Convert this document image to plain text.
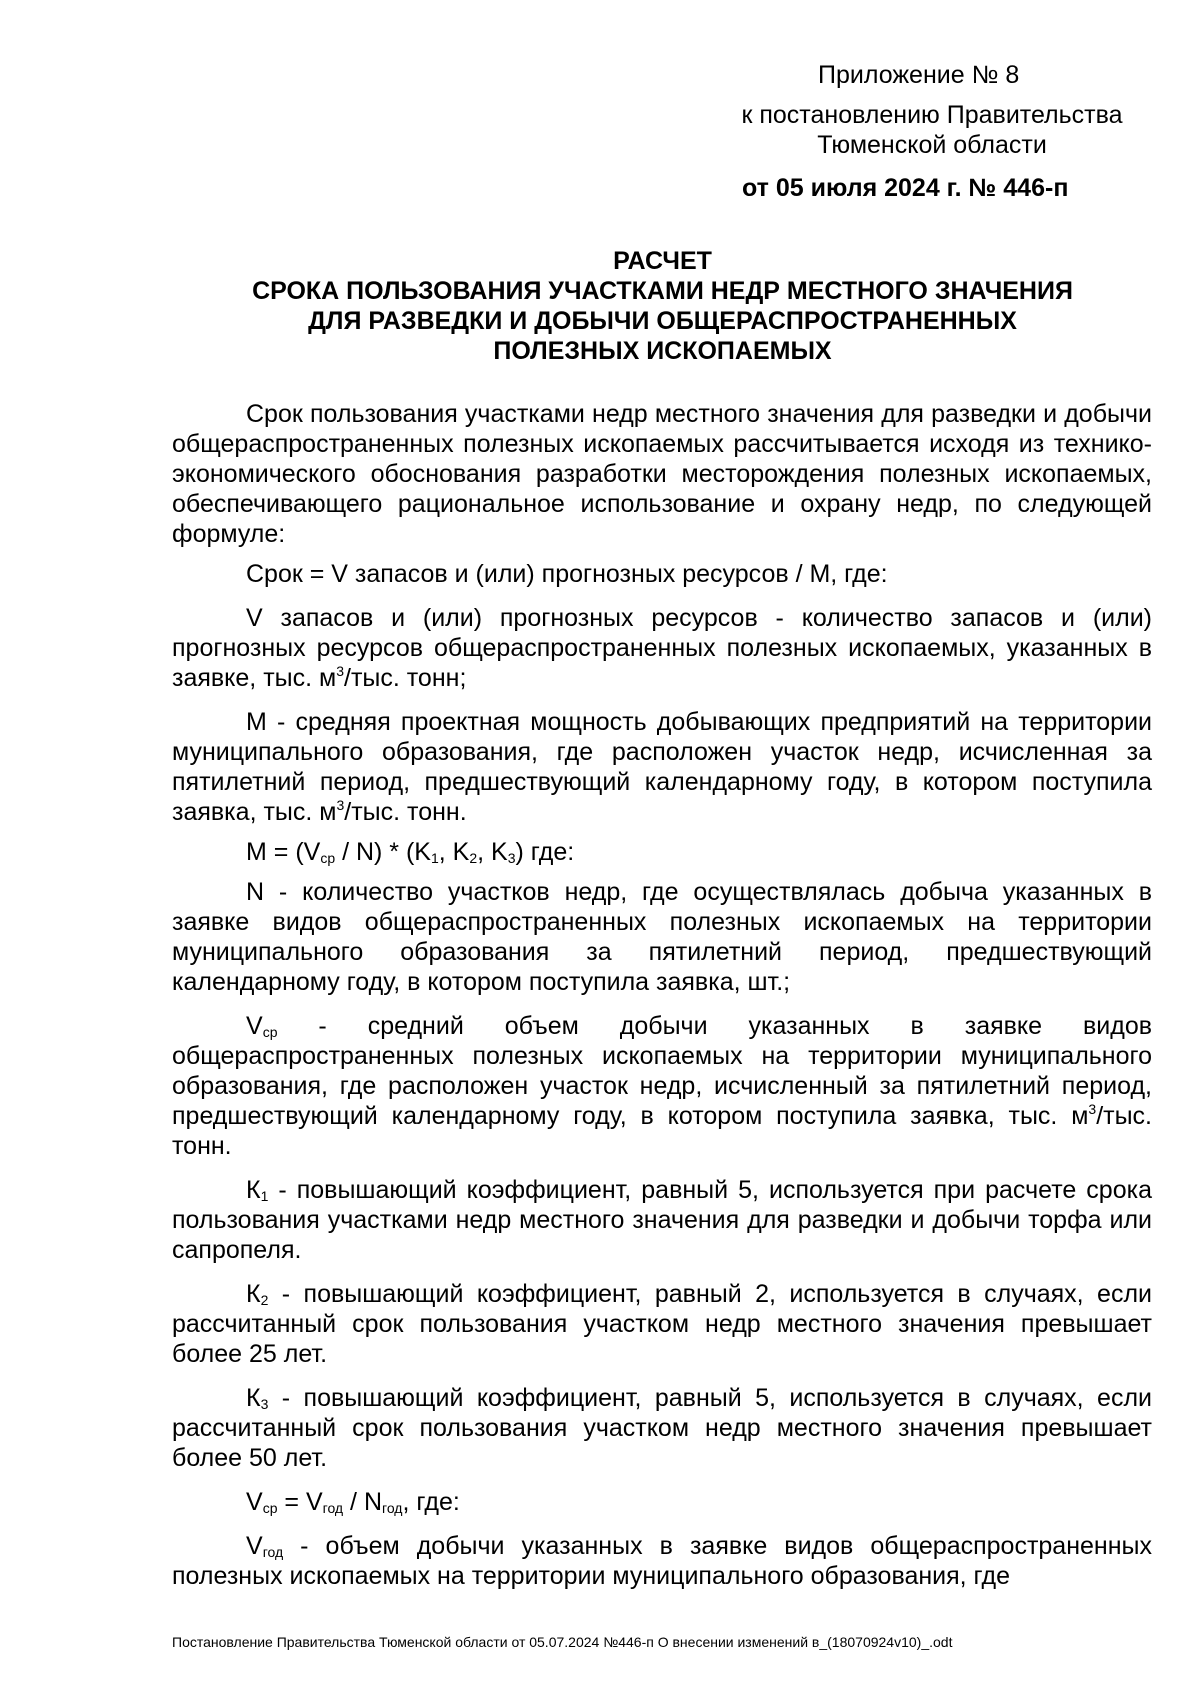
Приложение № 8
к постановлению Правительства
Тюменской области
от 05 июля 2024 г. № 446-п
РАСЧЕТ
СРОКА ПОЛЬЗОВАНИЯ УЧАСТКАМИ НЕДР МЕСТНОГО ЗНАЧЕНИЯ
ДЛЯ РАЗВЕДКИ И ДОБЫЧИ ОБЩЕРАСПРОСТРАНЕННЫХ
ПОЛЕЗНЫХ ИСКОПАЕМЫХ

Срок пользования участками недр местного значения для разведки и добычи общераспространенных полезных ископаемых рассчитывается исходя из технико-экономического обоснования разработки месторождения полезных ископаемых, обеспечивающего рациональное использование и охрану недр, по следующей формуле:

Срок = V запасов и (или) прогнозных ресурсов / М, где:

V запасов и (или) прогнозных ресурсов - количество запасов и (или) прогнозных ресурсов общераспространенных полезных ископаемых, указанных в заявке, тыс. $м^3$/тыс. тонн;

М - средняя проектная мощность добывающих предприятий на территории муниципального образования, где расположен участок недр, исчисленная за пятилетний период, предшествующий календарному году, в котором поступила заявка, тыс. $м^3$/тыс. тонн.

$М = (V_{ср} / N) * (K_1$, $K_2$, $K_3$) где:

N - количество участков недр, где осуществлялась добыча указанных в заявке видов общераспространенных полезных ископаемых на территории муниципального образования за пятилетний период, предшествующий календарному году, в котором поступила заявка, шт.;

$V_{ср}$ - средний объем добычи указанных в заявке видов общераспространенных полезных ископаемых на территории муниципального образования, где расположен участок недр, исчисленный за пятилетний период, предшествующий календарному году, в котором поступила заявка, тыс. $м^3$/тыс. тонн.

$К_1$ - повышающий коэффициент, равный 5, используется при расчете срока пользования участками недр местного значения для разведки и добычи торфа или сапропеля.

$К_2$ - повышающий коэффициент, равный 2, используется в случаях, если рассчитанный срок пользования участком недр местного значения превышает более 25 лет.

$К_3$ - повышающий коэффициент, равный 5, используется в случаях, если рассчитанный срок пользования участком недр местного значения превышает более 50 лет.

$V_{ср} = V_{год} / N_{год}$, где:

$V_{год}$ - объем добычи указанных в заявке видов общераспространенных полезных ископаемых на территории муниципального образования, где

Постановление Правительства Тюменской области от 05.07.2024 №446-п О внесении изменений в_(18070924v10)_.odt
